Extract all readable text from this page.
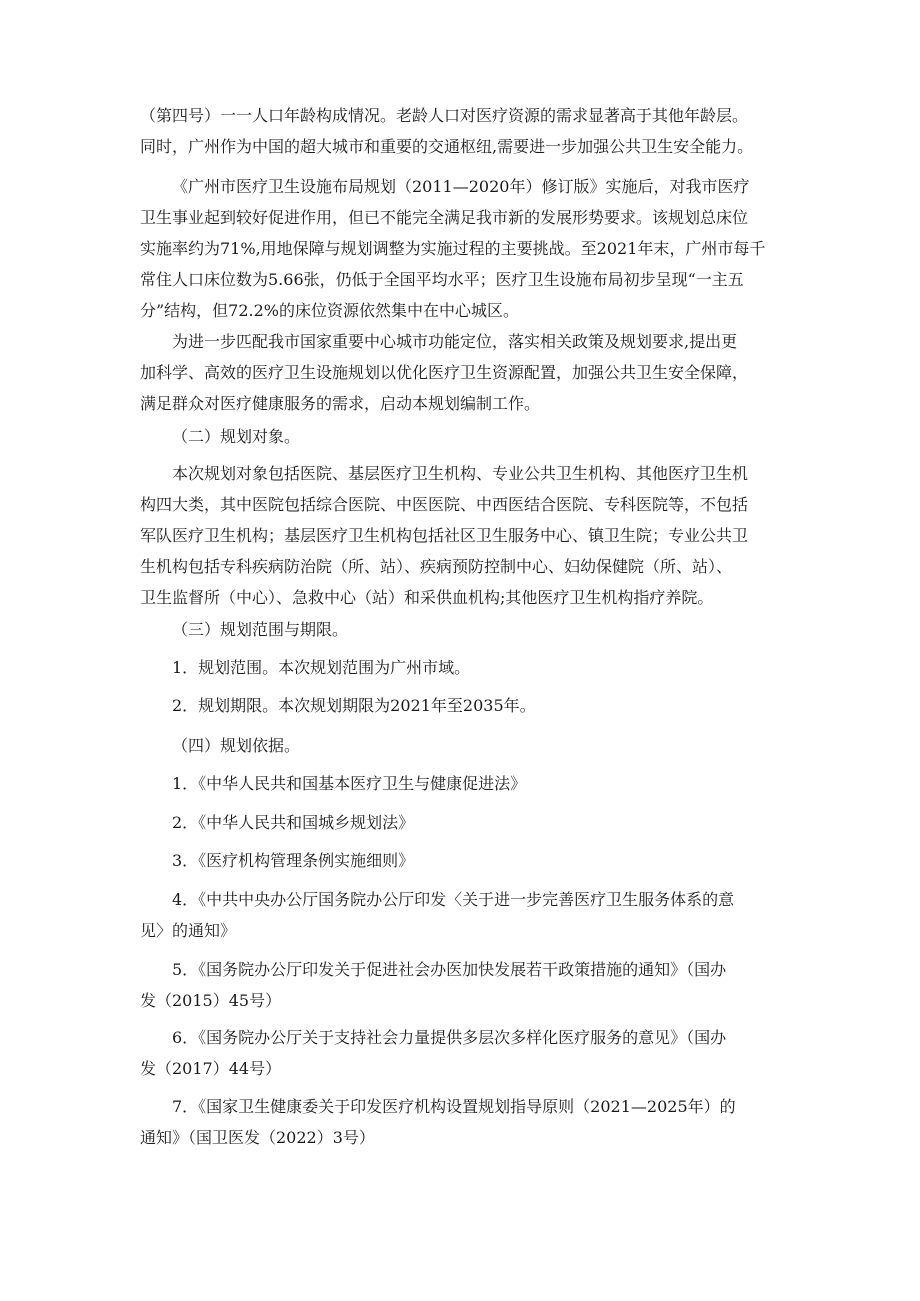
（第四号）一一人口年龄构成情况。老龄人口对医疗资源的需求显著高于其他年龄层。
同时，广州作为中国的超大城市和重要的交通枢纽,需要进一步加强公共卫生安全能力。
《广州市医疗卫生设施布局规划（2011—2020年）修订版》实施后，对我市医疗
卫生事业起到较好促进作用，但已不能完全满足我市新的发展形势要求。该规划总床位
实施率约为71%,用地保障与规划调整为实施过程的主要挑战。至2021年末，广州市每千
常住人口床位数为5.66张，仍低于全国平均水平；医疗卫生设施布局初步呈现“一主五
分”结构，但72.2%的床位资源依然集中在中心城区。
为进一步匹配我市国家重要中心城市功能定位，落实相关政策及规划要求,提出更
加科学、高效的医疗卫生设施规划以优化医疗卫生资源配置，加强公共卫生安全保障，
满足群众对医疗健康服务的需求，启动本规划编制工作。
（二）规划对象。
本次规划对象包括医院、基层医疗卫生机构、专业公共卫生机构、其他医疗卫生机
构四大类，其中医院包括综合医院、中医医院、中西医结合医院、专科医院等，不包括
军队医疗卫生机构；基层医疗卫生机构包括社区卫生服务中心、镇卫生院；专业公共卫
生机构包括专科疾病防治院（所、站）、疾病预防控制中心、妇幼保健院（所、站）、
卫生监督所（中心）、急救中心（站）和采供血机构;其他医疗卫生机构指疗养院。
（三）规划范围与期限。
1．规划范围。本次规划范围为广州市域。
2．规划期限。本次规划期限为2021年至2035年。
（四）规划依据。
1．《中华人民共和国基本医疗卫生与健康促进法》
2．《中华人民共和国城乡规划法》
3．《医疗机构管理条例实施细则》
4．《中共中央办公厅国务院办公厅印发〈关于进一步完善医疗卫生服务体系的意
见〉的通知》
5．《国务院办公厅印发关于促进社会办医加快发展若干政策措施的通知》（国办
发（2015）45号）
6．《国务院办公厅关于支持社会力量提供多层次多样化医疗服务的意见》（国办
发（2017）44号）
7．《国家卫生健康委关于印发医疗机构设置规划指导原则（2021—2025年）的
通知》（国卫医发（2022）3号）
